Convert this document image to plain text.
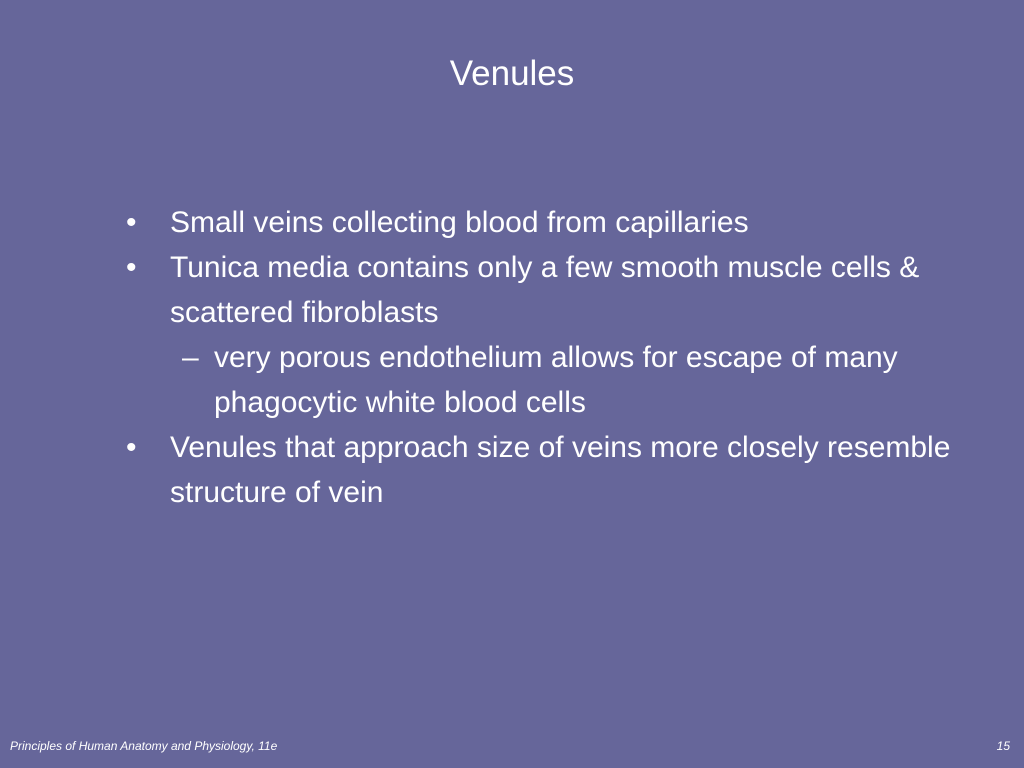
Venules
•	Small veins collecting blood from capillaries
•	Tunica media contains only a few smooth muscle cells & scattered fibroblasts
– very porous endothelium allows for escape of many phagocytic white blood cells
•	Venules that approach size of veins more closely resemble structure of vein
Principles of Human Anatomy and Physiology, 11e	15
